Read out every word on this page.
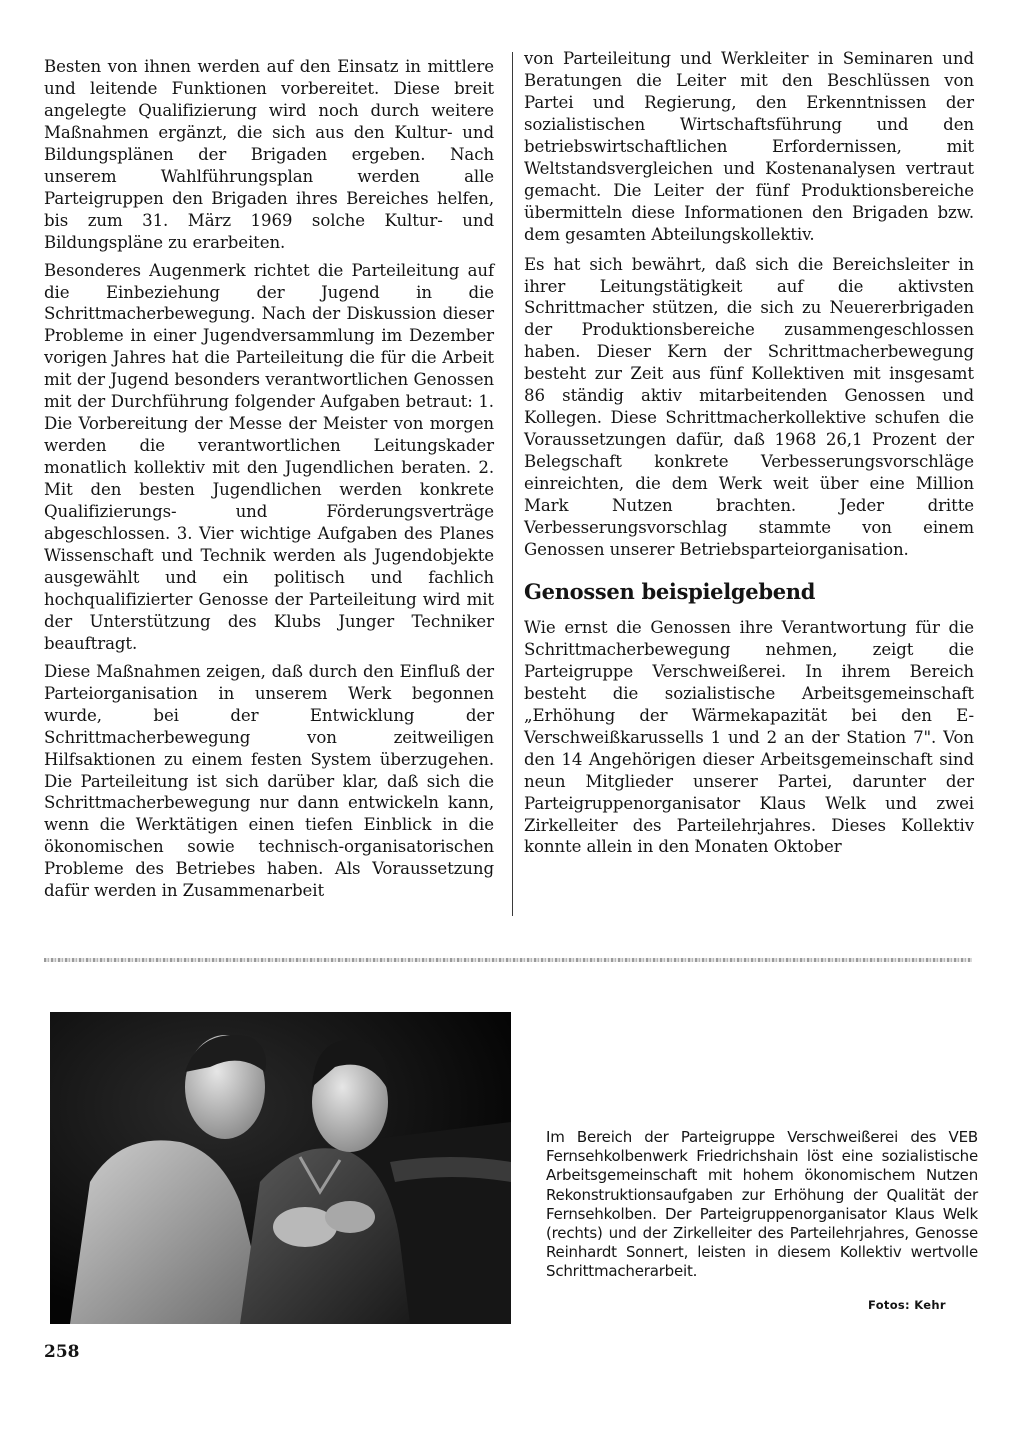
Besten von ihnen werden auf den Einsatz in mittlere und leitende Funktionen vorbereitet. Diese breit angelegte Qualifizierung wird noch durch weitere Maßnahmen ergänzt, die sich aus den Kultur- und Bildungsplänen der Brigaden ergeben. Nach unserem Wahlführungsplan werden alle Parteigruppen den Brigaden ihres Bereiches helfen, bis zum 31. März 1969 solche Kultur- und Bildungspläne zu erarbeiten.

Besonderes Augenmerk richtet die Parteileitung auf die Einbeziehung der Jugend in die Schrittmacherbewegung. Nach der Diskussion dieser Probleme in einer Jugendversammlung im Dezember vorigen Jahres hat die Parteileitung die für die Arbeit mit der Jugend besonders verantwortlichen Genossen mit der Durchführung folgender Aufgaben betraut: 1. Die Vorbereitung der Messe der Meister von morgen werden die verantwortlichen Leitungskader monatlich kollektiv mit den Jugendlichen beraten. 2. Mit den besten Jugendlichen werden konkrete Qualifizierungs- und Förderungsverträge abgeschlossen. 3. Vier wichtige Aufgaben des Planes Wissenschaft und Technik werden als Jugendobjekte ausgewählt und ein politisch und fachlich hochqualifizierter Genosse der Parteileitung wird mit der Unterstützung des Klubs Junger Techniker beauftragt.

Diese Maßnahmen zeigen, daß durch den Einfluß der Parteiorganisation in unserem Werk begonnen wurde, bei der Entwicklung der Schrittmacherbewegung von zeitweiligen Hilfsaktionen zu einem festen System überzugehen. Die Parteileitung ist sich darüber klar, daß sich die Schrittmacherbewegung nur dann entwickeln kann, wenn die Werktätigen einen tiefen Einblick in die ökonomischen sowie technisch-organisatorischen Probleme des Betriebes haben. Als Voraussetzung dafür werden in Zusammenarbeit

von Parteileitung und Werkleiter in Seminaren und Beratungen die Leiter mit den Beschlüssen von Partei und Regierung, den Erkenntnissen der sozialistischen Wirtschaftsführung und den betriebswirtschaftlichen Erfordernissen, mit Weltstandsvergleichen und Kostenanalysen vertraut gemacht. Die Leiter der fünf Produktionsbereiche übermitteln diese Informationen den Brigaden bzw. dem gesamten Abteilungskollektiv.

Es hat sich bewährt, daß sich die Bereichsleiter in ihrer Leitungstätigkeit auf die aktivsten Schrittmacher stützen, die sich zu Neuererbrigaden der Produktionsbereiche zusammengeschlossen haben. Dieser Kern der Schrittmacherbewegung besteht zur Zeit aus fünf Kollektiven mit insgesamt 86 ständig aktiv mitarbeitenden Genossen und Kollegen. Diese Schrittmacherkollektive schufen die Voraussetzungen dafür, daß 1968 26,1 Prozent der Belegschaft konkrete Verbesserungsvorschläge einreichten, die dem Werk weit über eine Million Mark Nutzen brachten. Jeder dritte Verbesserungsvorschlag stammte von einem Genossen unserer Betriebsparteiorganisation.

Genossen beispielgebend

Wie ernst die Genossen ihre Verantwortung für die Schrittmacherbewegung nehmen, zeigt die Parteigruppe Verschweißerei. In ihrem Bereich besteht die sozialistische Arbeitsgemeinschaft „Erhöhung der Wärmekapazität bei den E-Verschweißkarussells 1 und 2 an der Station 7". Von den 14 Angehörigen dieser Arbeitsgemeinschaft sind neun Mitglieder unserer Partei, darunter der Parteigruppenorganisator Klaus Welk und zwei Zirkelleiter des Parteilehrjahres. Dieses Kollektiv konnte allein in den Monaten Oktober

Im Bereich der Parteigruppe Verschweißerei des VEB Fernsehkolbenwerk Friedrichshain löst eine sozialistische Arbeitsgemeinschaft mit hohem ökonomischem Nutzen Rekonstruktionsaufgaben zur Erhöhung der Qualität der Fernsehkolben. Der Parteigruppenorganisator Klaus Welk (rechts) und der Zirkelleiter des Parteilehrjahres, Genosse Reinhardt Sonnert, leisten in diesem Kollektiv wertvolle Schrittmacherarbeit.
Fotos: Kehr
258
